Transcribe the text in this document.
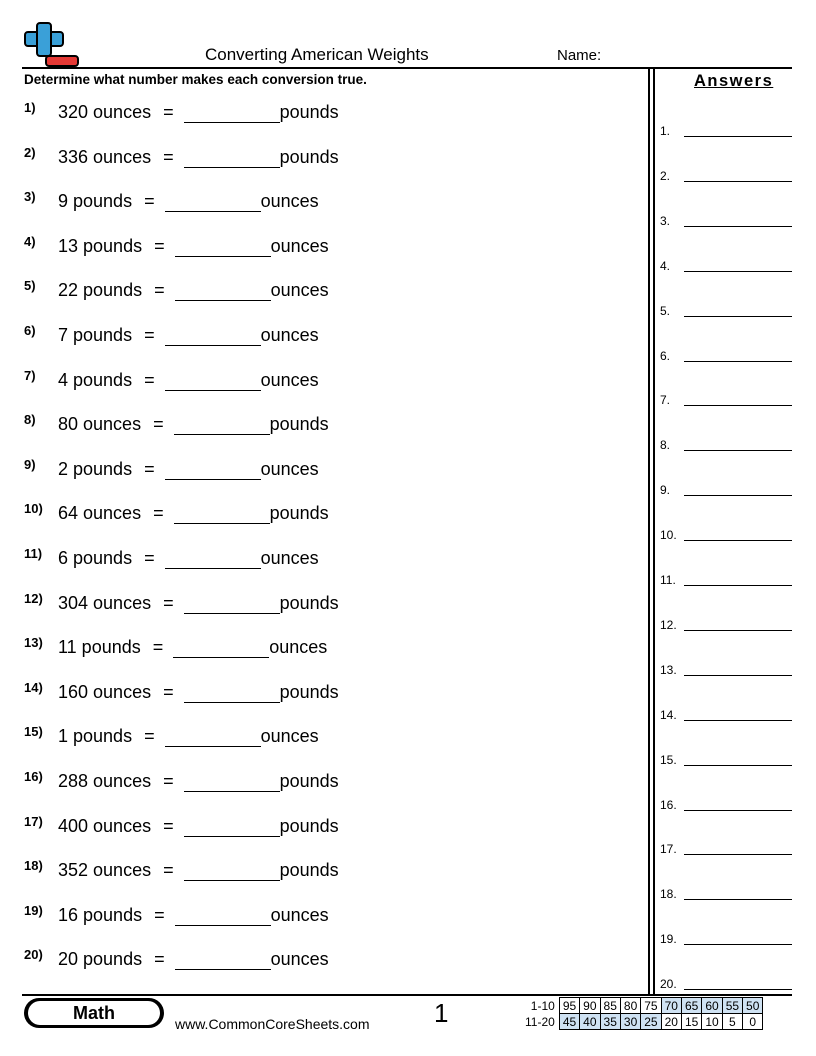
Converting American Weights	Name:
Determine what number makes each conversion true.	Answers
1)	320 ounces =	pounds
2)	336 ounces =	pounds
3)	9 pounds =	ounces
4)	13 pounds =	ounces
5)	22 pounds =	ounces
6)	7 pounds =	ounces
7)	4 pounds =	ounces
8)	80 ounces =	pounds
9)	2 pounds =	ounces
10) 64 ounces =	pounds
11) 6 pounds =	ounces
12) 304 ounces =	pounds
13) 11 pounds =	ounces
14) 160 ounces =	pounds
15) 1 pounds =	ounces
16) 288 ounces =	pounds
17) 400 ounces =	pounds
18) 352 ounces =	pounds
19) 16 pounds =	ounces
20) 20 pounds =	ounces
1.
2.
3.
4.
5.
6.
7.
8.
9.
10.
11.
12.
13.
14.
15.
16.
17.
18.
19.
20.
Math
www.CommonCoreSheets.com 1	1-10	95	90	85	80	75	70	65	60	55	50
11-20	45	40	35	30	25	20	15	10	5	0
